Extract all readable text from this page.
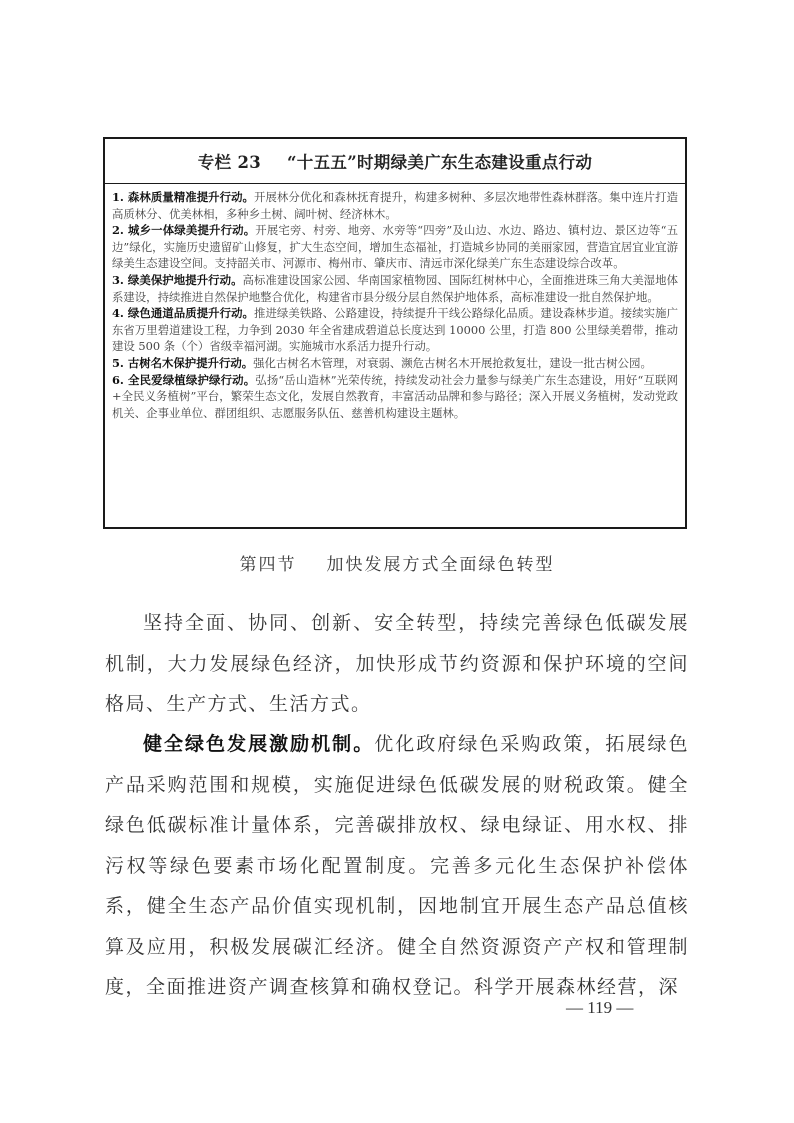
专栏 23 “十五五”时期绿美广东生态建设重点行动

1. 森林质量精准提升行动。开展林分优化和森林抚育提升，构建多树种、多层次地带性森林群落。集中连片打造高质林分、优美林相，多种乡土树、阔叶树、经济林木。

2. 城乡一体绿美提升行动。开展宅旁、村旁、地旁、水旁等“四旁”及山边、水边、路边、镇村边、景区边等“五边”绿化，实施历史遗留矿山修复，扩大生态空间，增加生态福祉，打造城乡协同的美丽家园，营造宜居宜业宜游绿美生态建设空间。支持韶关市、河源市、梅州市、肇庆市、清远市深化绿美广东生态建设综合改革。

3. 绿美保护地提升行动。高标准建设国家公园、华南国家植物园、国际红树林中心，全面推进珠三角大美湿地体系建设，持续推进自然保护地整合优化，构建省市县分级分层自然保护地体系，高标准建设一批自然保护地。

4. 绿色通道品质提升行动。推进绿美铁路、公路建设，持续提升干线公路绿化品质。建设森林步道。接续实施广东省万里碧道建设工程，力争到 2030 年全省建成碧道总长度达到 10000 公里，打造 800 公里绿美碧带，推动建设 500 条（个）省级幸福河湖。实施城市水系活力提升行动。

5. 古树名木保护提升行动。强化古树名木管理，对衰弱、濒危古树名木开展抢救复壮，建设一批古树公园。

6. 全民爱绿植绿护绿行动。弘扬“岳山造林”光荣传统，持续发动社会力量参与绿美广东生态建设，用好“互联网+全民义务植树”平台，繁荣生态文化，发展自然教育，丰富活动品牌和参与路径；深入开展义务植树，发动党政机关、企事业单位、群团组织、志愿服务队伍、慈善机构建设主题林。

第四节 加快发展方式全面绿色转型
坚持全面、协同、创新、安全转型，持续完善绿色低碳发展机制，大力发展绿色经济，加快形成节约资源和保护环境的空间格局、生产方式、生活方式。
健全绿色发展激励机制。优化政府绿色采购政策，拓展绿色产品采购范围和规模，实施促进绿色低碳发展的财税政策。健全绿色低碳标准计量体系，完善碳排放权、绿电绿证、用水权、排污权等绿色要素市场化配置制度。完善多元化生态保护补偿体系，健全生态产品价值实现机制，因地制宜开展生态产品总值核算及应用，积极发展碳汇经济。健全自然资源资产产权和管理制度，全面推进资产调查核算和确权登记。科学开展森林经营，深
— 119 —
